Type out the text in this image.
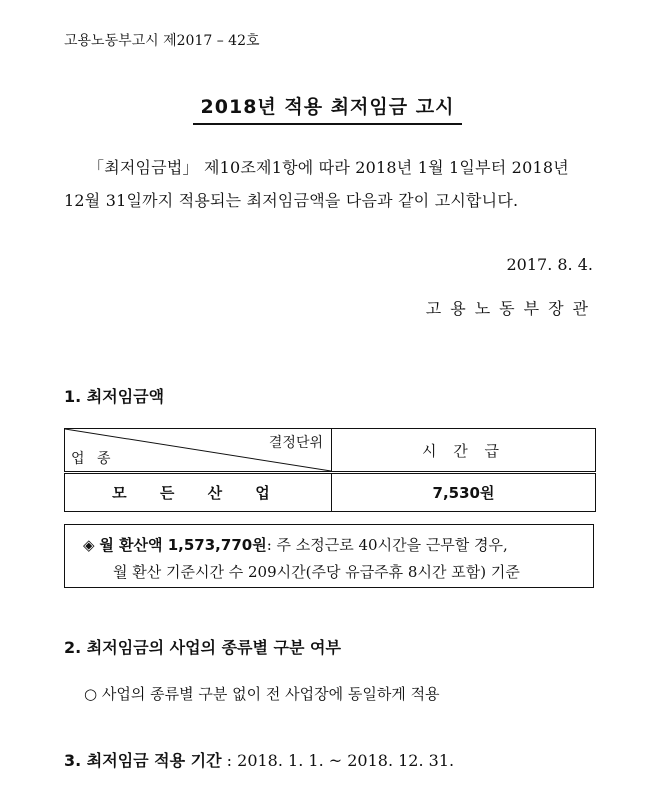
고용노동부고시 제2017 – 42호
2018년 적용 최저임금 고시
「최저임금법」 제10조제1항에 따라 2018년 1월 1일부터 2018년
12월 31일까지 적용되는 최저임금액을 다음과 같이 고시합니다.
2017. 8. 4.
고용노동부장관
1. 최저임금액
결정단위
업 종	시 간 급
모 든 산 업	7,530원
◈ 월 환산액 1,573,770원: 주 소정근로 40시간을 근무할 경우,
월 환산 기준시간 수 209시간(주당 유급주휴 8시간 포함) 기준
2. 최저임금의 사업의 종류별 구분 여부
○ 사업의 종류별 구분 없이 전 사업장에 동일하게 적용
3. 최저임금 적용 기간 : 2018. 1. 1. ~ 2018. 12. 31.
